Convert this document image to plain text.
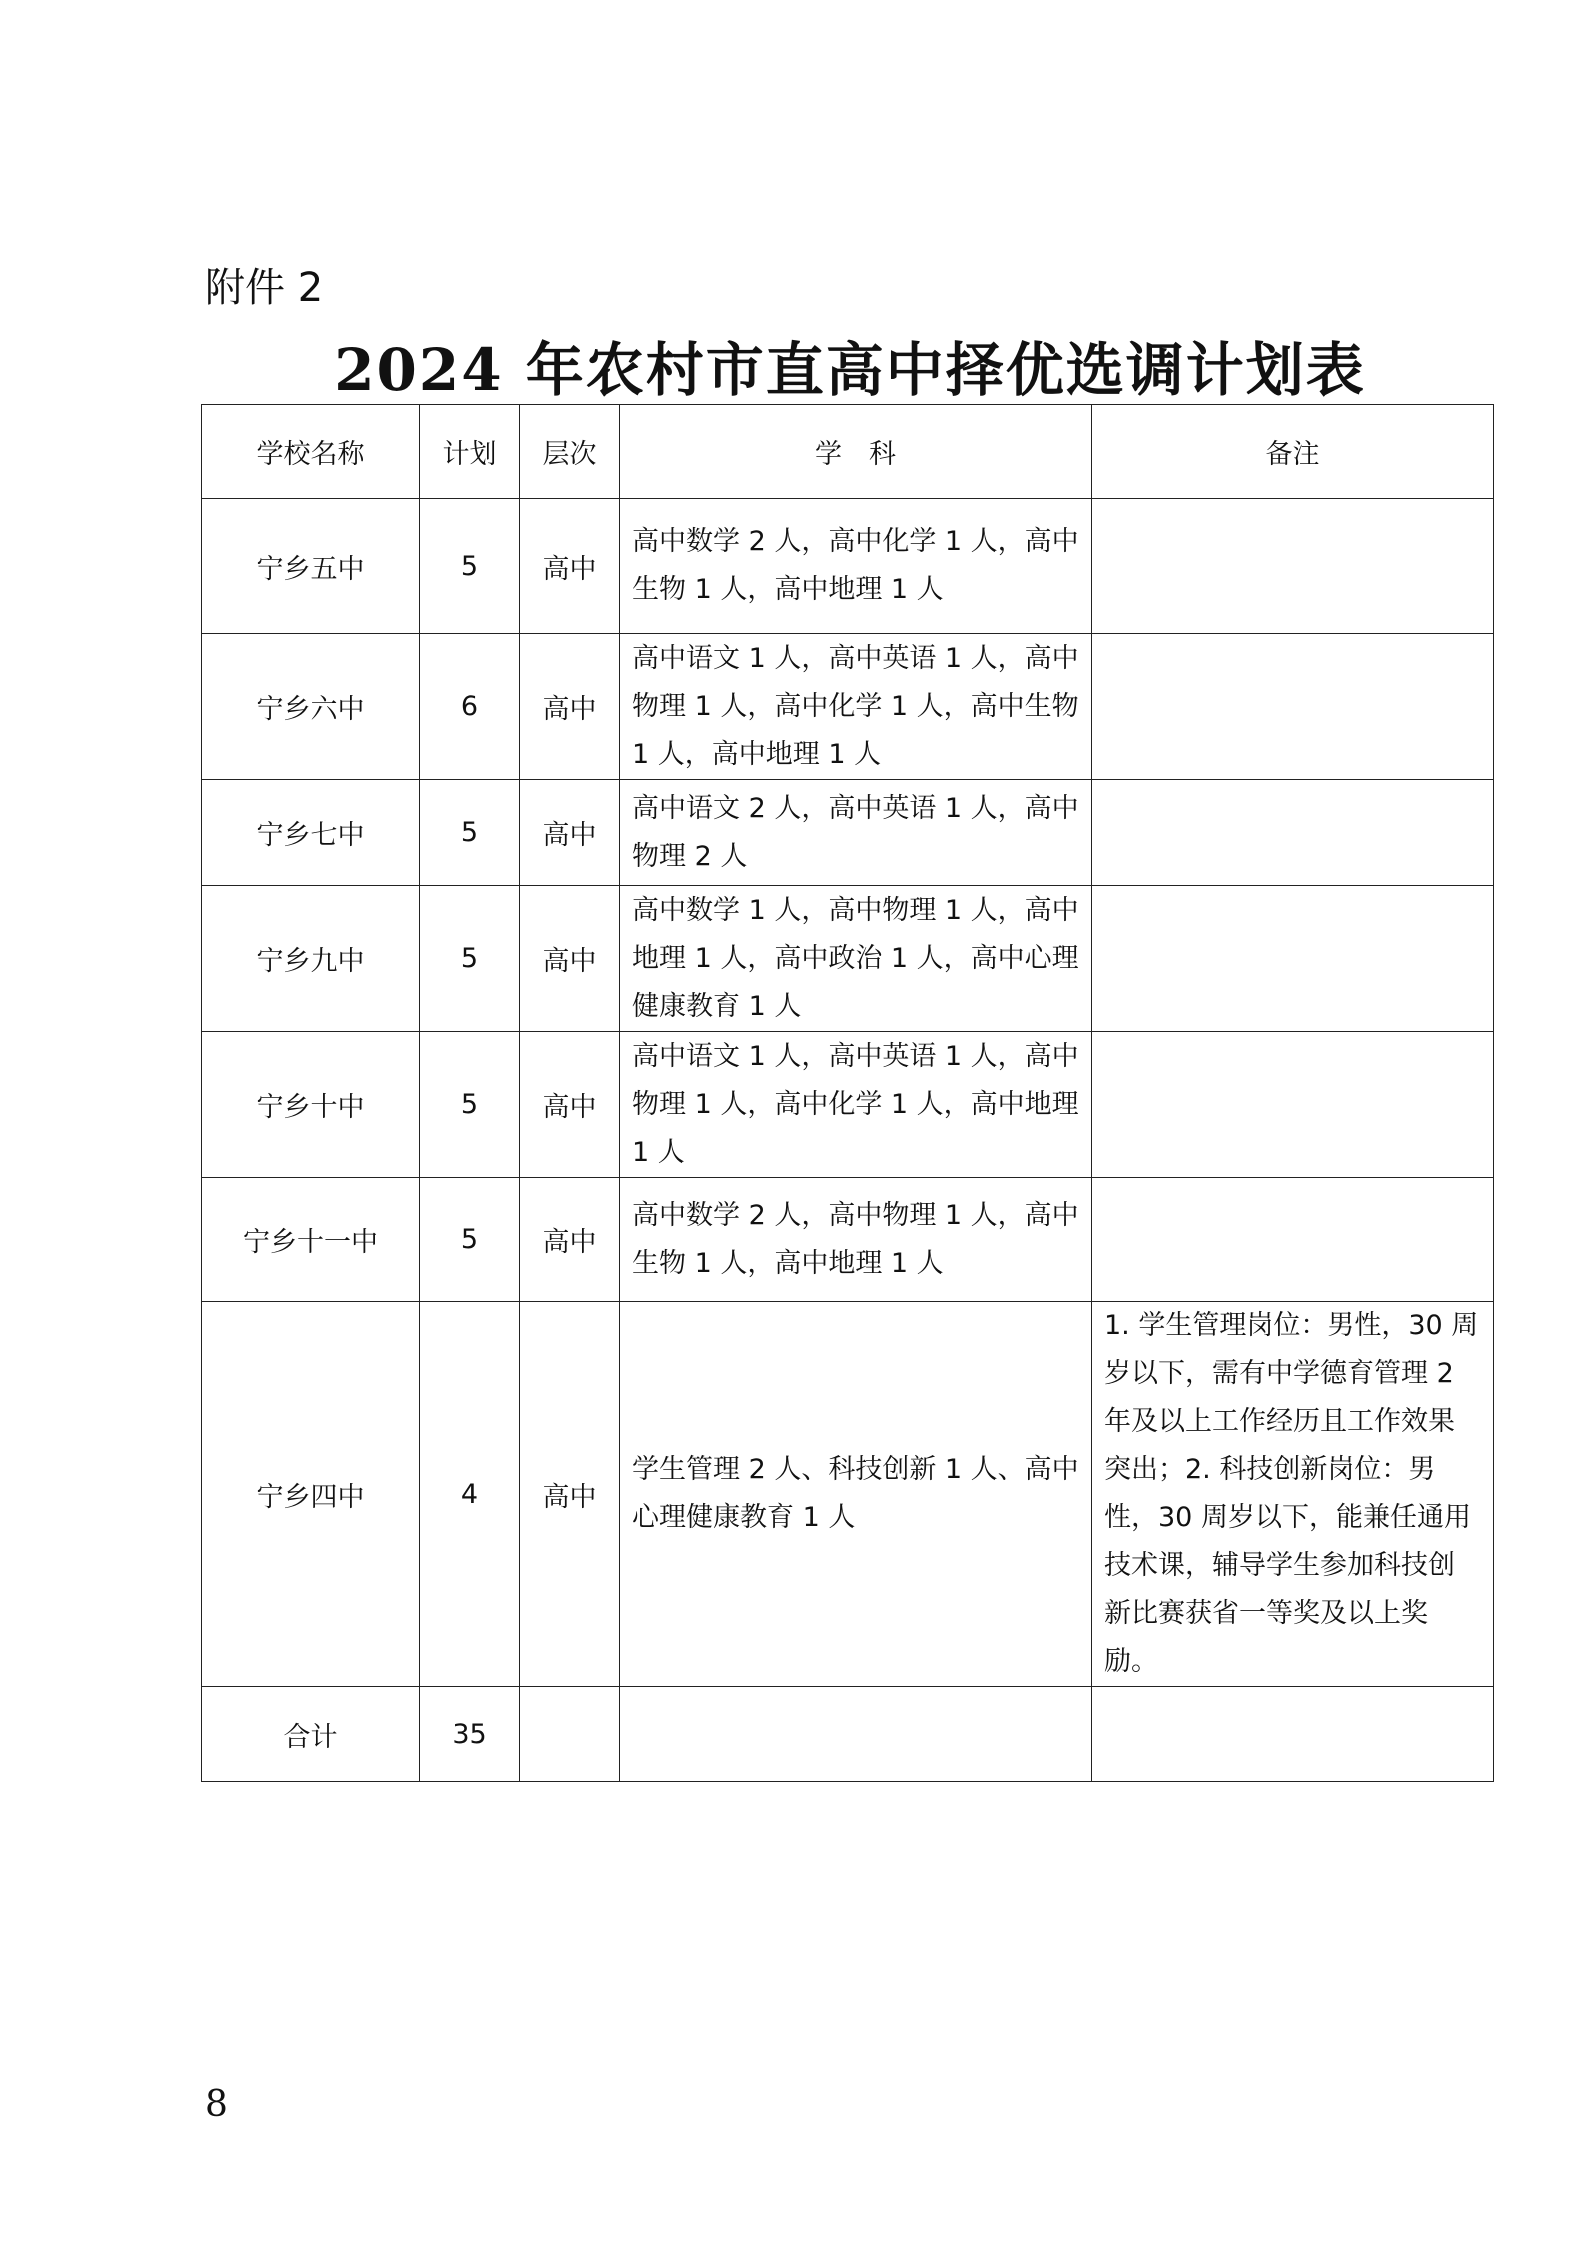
附件 2
2024 年农村市直高中择优选调计划表
学校名称	计划	层次	学　科	备注
宁乡五中	5	高中	高中数学 2 人，高中化学 1 人，高中生物 1 人，高中地理 1 人	
宁乡六中	6	高中	高中语文 1 人，高中英语 1 人，高中物理 1 人，高中化学 1 人，高中生物 1 人，高中地理 1 人	
宁乡七中	5	高中	高中语文 2 人，高中英语 1 人，高中物理 2 人	
宁乡九中	5	高中	高中数学 1 人，高中物理 1 人，高中地理 1 人，高中政治 1 人，高中心理健康教育 1 人	
宁乡十中	5	高中	高中语文 1 人，高中英语 1 人，高中物理 1 人，高中化学 1 人，高中地理 1 人	
宁乡十一中	5	高中	高中数学 2 人，高中物理 1 人，高中生物 1 人，高中地理 1 人	
宁乡四中	4	高中	学生管理 2 人、科技创新 1 人、高中心理健康教育 1 人	1. 学生管理岗位：男性，30 周岁以下，需有中学德育管理 2 年及以上工作经历且工作效果突出；2. 科技创新岗位：男性，30 周岁以下，能兼任通用技术课，辅导学生参加科技创新比赛获省一等奖及以上奖励。
合计	35			
8
